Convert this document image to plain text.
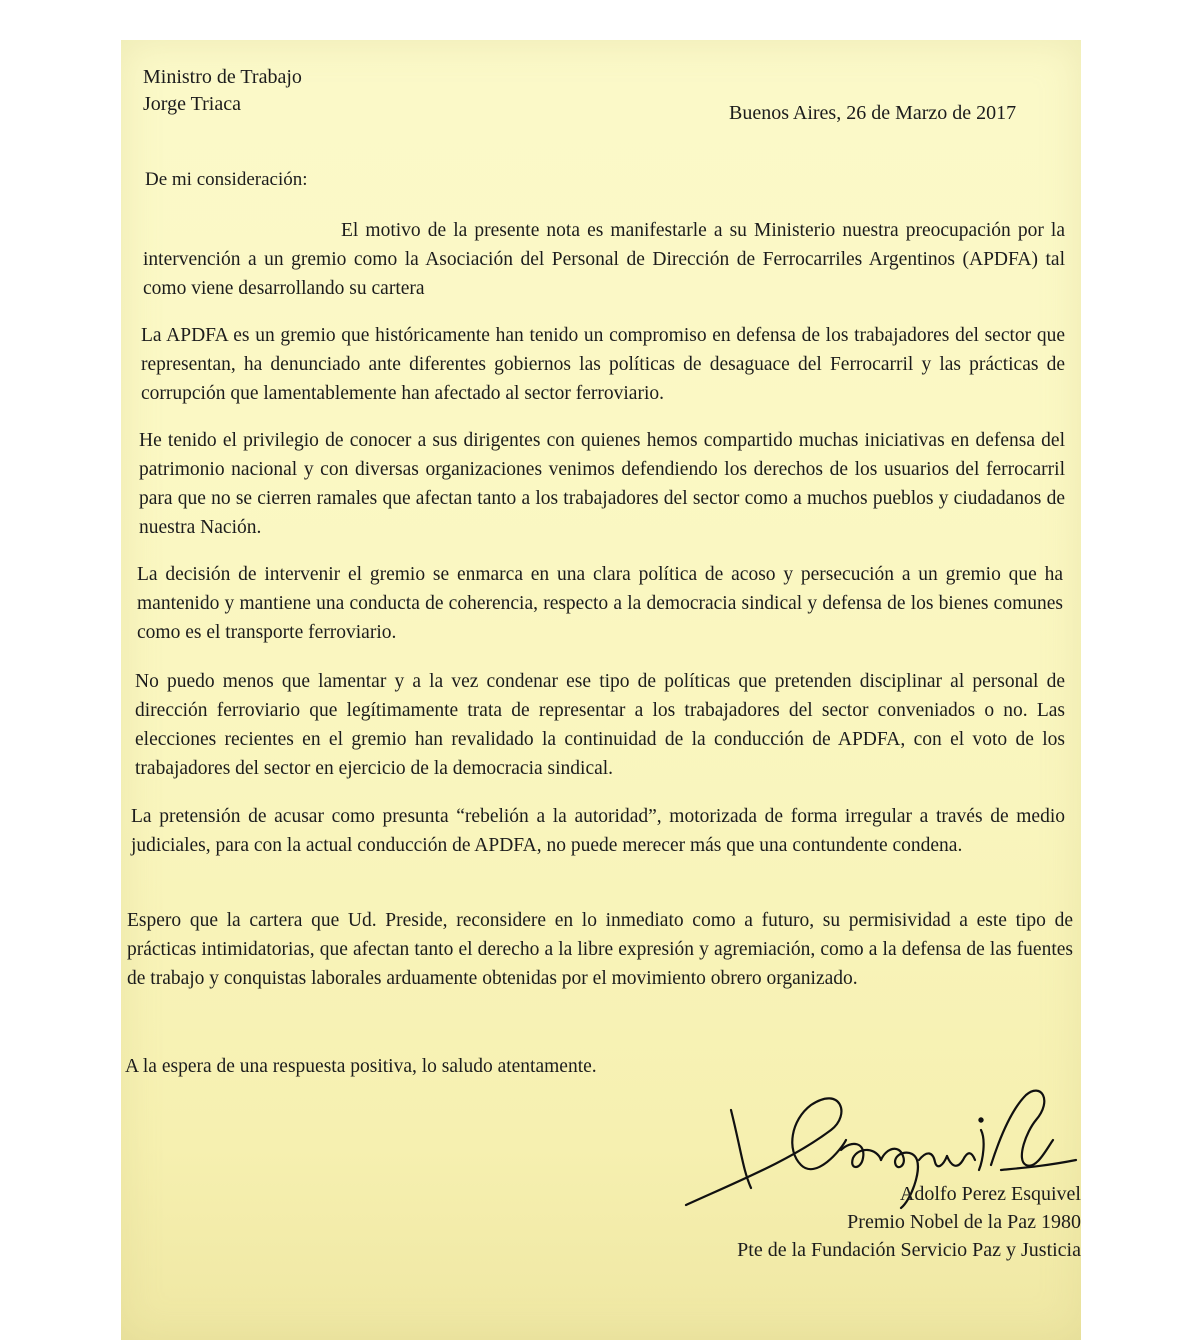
Ministro de Trabajo
Jorge Triaca	Buenos Aires, 26 de Marzo de 2017
De mi consideración:

El motivo de la presente nota es manifestarle a su Ministerio nuestra preocupación por la intervención a un gremio como la Asociación del Personal de Dirección de Ferrocarriles Argentinos (APDFA) tal como viene desarrollando su cartera

La APDFA es un gremio que históricamente han tenido un compromiso en defensa de los trabajadores del sector que representan, ha denunciado ante diferentes gobiernos las políticas de desaguace del Ferrocarril y las prácticas de corrupción que lamentablemente han afectado al sector ferroviario.

He tenido el privilegio de conocer a sus dirigentes con quienes hemos compartido muchas iniciativas en defensa del patrimonio nacional y con diversas organizaciones venimos defendiendo los derechos de los usuarios del ferrocarril para que no se cierren ramales que afectan tanto a los trabajadores del sector como a muchos pueblos y ciudadanos de nuestra Nación.

La decisión de intervenir el gremio se enmarca en una clara política de acoso y persecución a un gremio que ha mantenido y mantiene una conducta de coherencia, respecto a la democracia sindical y defensa de los bienes comunes como es el transporte ferroviario.

No puedo menos que lamentar y a la vez condenar ese tipo de políticas que pretenden disciplinar al personal de dirección ferroviario que legítimamente trata de representar a los trabajadores del sector conveniados o no. Las elecciones recientes en el gremio han revalidado la continuidad de la conducción de APDFA, con el voto de los trabajadores del sector en ejercicio de la democracia sindical.

La pretensión de acusar como presunta “rebelión a la autoridad”, motorizada de forma irregular a través de medio judiciales, para con la actual conducción de APDFA, no puede merecer más que una contundente condena.

Espero que la cartera que Ud. Preside, reconsidere en lo inmediato como a futuro, su permisividad a este tipo de prácticas intimidatorias, que afectan tanto el derecho a la libre expresión y agremiación, como a la defensa de las fuentes de trabajo y conquistas laborales arduamente obtenidas por el movimiento obrero organizado.

A la espera de una respuesta positiva, lo saludo atentamente.
Adolfo Perez Esquivel
Premio Nobel de la Paz 1980
Pte de la Fundación Servicio Paz y Justicia
